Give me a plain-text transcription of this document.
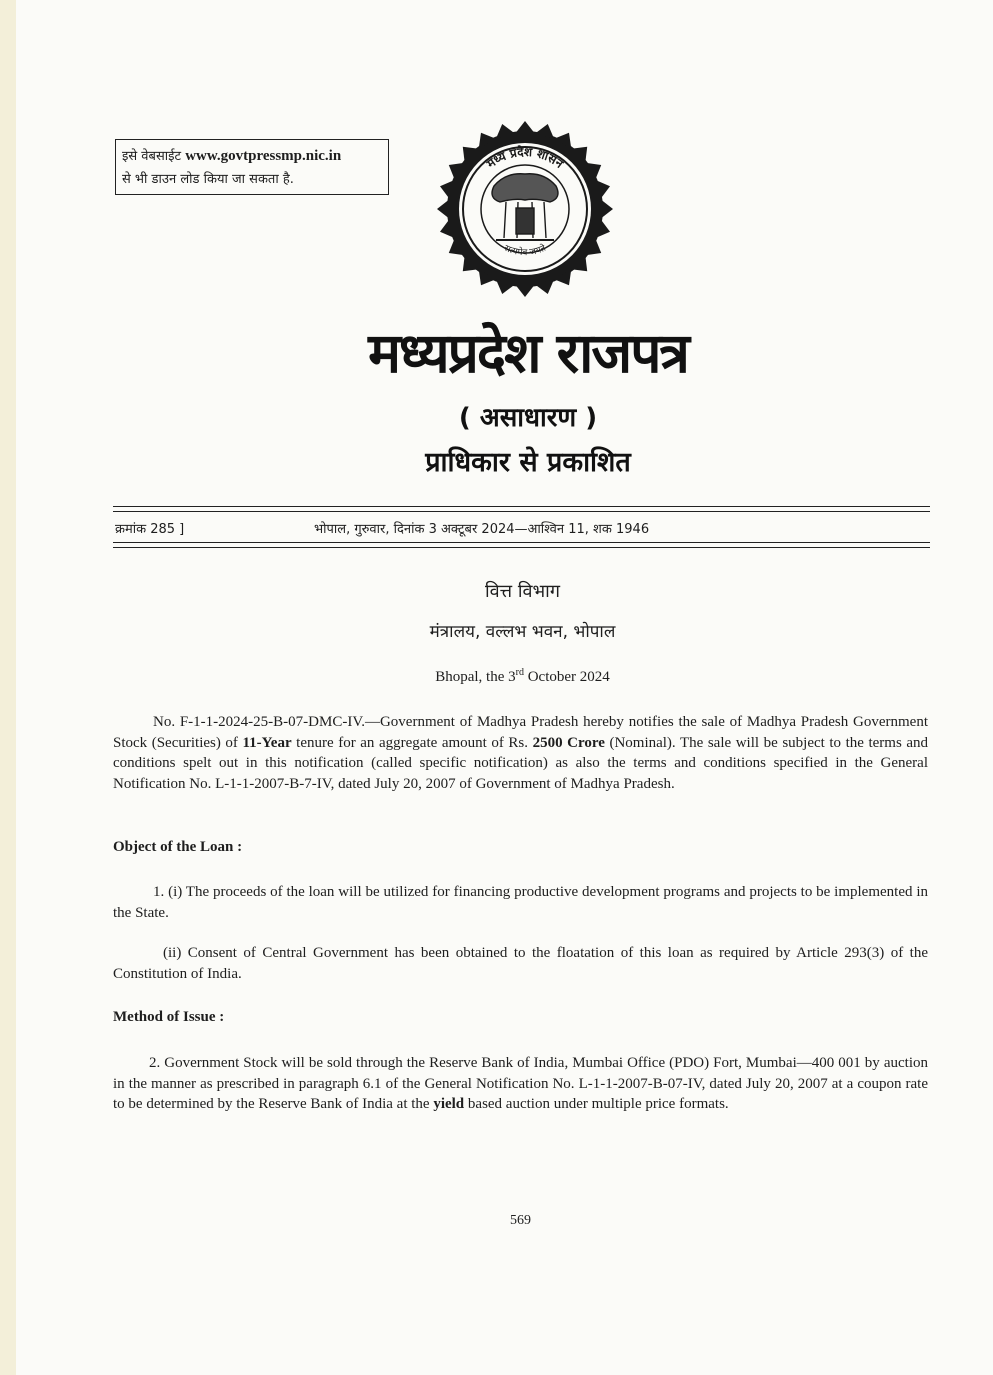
इसे वेबसाईट www.govtpressmp.nic.in
से भी डाउन लोड किया जा सकता है.
मध्य प्रदेश शासन
सत्यमेव जयते
मध्यप्रदेश राजपत्र
( असाधारण )
प्राधिकार से प्रकाशित
क्रमांक 285 ]	भोपाल, गुरुवार, दिनांक 3 अक्टूबर 2024—आश्विन 11, शक 1946
वित्त विभाग
मंत्रालय, वल्लभ भवन, भोपाल
Bhopal, the 3rd October 2024

No. F-1-1-2024-25-B-07-DMC-IV.—Government of Madhya Pradesh hereby notifies the sale of Madhya Pradesh Government Stock (Securities) of 11-Year tenure for an aggregate amount of Rs. 2500 Crore (Nominal). The sale will be subject to the terms and conditions spelt out in this notification (called specific notification) as also the terms and conditions specified in the General Notification No. L-1-1-2007-B-7-IV, dated July 20, 2007 of Government of Madhya Pradesh.

Object of the Loan :

1. (i) The proceeds of the loan will be utilized for financing productive development programs and projects to be implemented in the State.

(ii) Consent of Central Government has been obtained to the floatation of this loan as required by Article 293(3) of the Constitution of India.

Method of Issue :

2. Government Stock will be sold through the Reserve Bank of India, Mumbai Office (PDO) Fort, Mumbai—400 001 by auction in the manner as prescribed in paragraph 6.1 of the General Notification No. L-1-1-2007-B-07-IV, dated July 20, 2007 at a coupon rate to be determined by the Reserve Bank of India at the yield based auction under multiple price formats.

569
